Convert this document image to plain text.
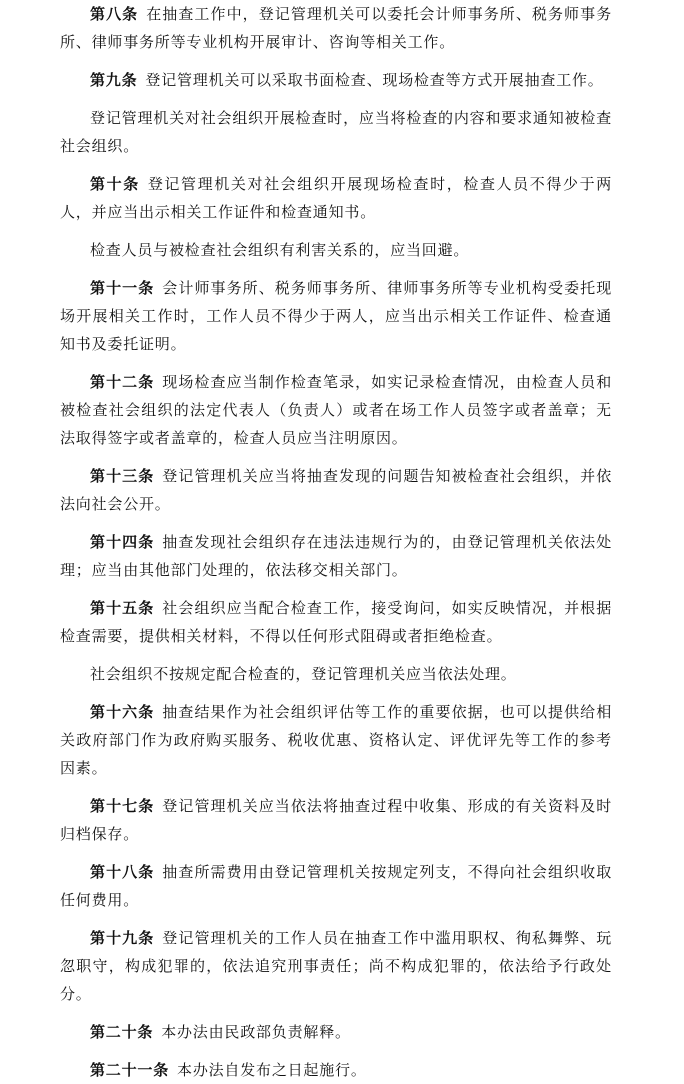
第八条 在抽查工作中，登记管理机关可以委托会计师事务所、税务师事务所、律师事务所等专业机构开展审计、咨询等相关工作。

第九条 登记管理机关可以采取书面检查、现场检查等方式开展抽查工作。

登记管理机关对社会组织开展检查时，应当将检查的内容和要求通知被检查社会组织。

第十条 登记管理机关对社会组织开展现场检查时，检查人员不得少于两人，并应当出示相关工作证件和检查通知书。

检查人员与被检查社会组织有利害关系的，应当回避。

第十一条 会计师事务所、税务师事务所、律师事务所等专业机构受委托现场开展相关工作时，工作人员不得少于两人，应当出示相关工作证件、检查通知书及委托证明。

第十二条 现场检查应当制作检查笔录，如实记录检查情况，由检查人员和被检查社会组织的法定代表人（负责人）或者在场工作人员签字或者盖章；无法取得签字或者盖章的，检查人员应当注明原因。

第十三条 登记管理机关应当将抽查发现的问题告知被检查社会组织，并依法向社会公开。

第十四条 抽查发现社会组织存在违法违规行为的，由登记管理机关依法处理；应当由其他部门处理的，依法移交相关部门。

第十五条 社会组织应当配合检查工作，接受询问，如实反映情况，并根据检查需要，提供相关材料，不得以任何形式阻碍或者拒绝检查。

社会组织不按规定配合检查的，登记管理机关应当依法处理。

第十六条 抽查结果作为社会组织评估等工作的重要依据，也可以提供给相关政府部门作为政府购买服务、税收优惠、资格认定、评优评先等工作的参考因素。

第十七条 登记管理机关应当依法将抽查过程中收集、形成的有关资料及时归档保存。

第十八条 抽查所需费用由登记管理机关按规定列支，不得向社会组织收取任何费用。

第十九条 登记管理机关的工作人员在抽查工作中滥用职权、徇私舞弊、玩忽职守，构成犯罪的，依法追究刑事责任；尚不构成犯罪的，依法给予行政处分。

第二十条 本办法由民政部负责解释。

第二十一条 本办法自发布之日起施行。
